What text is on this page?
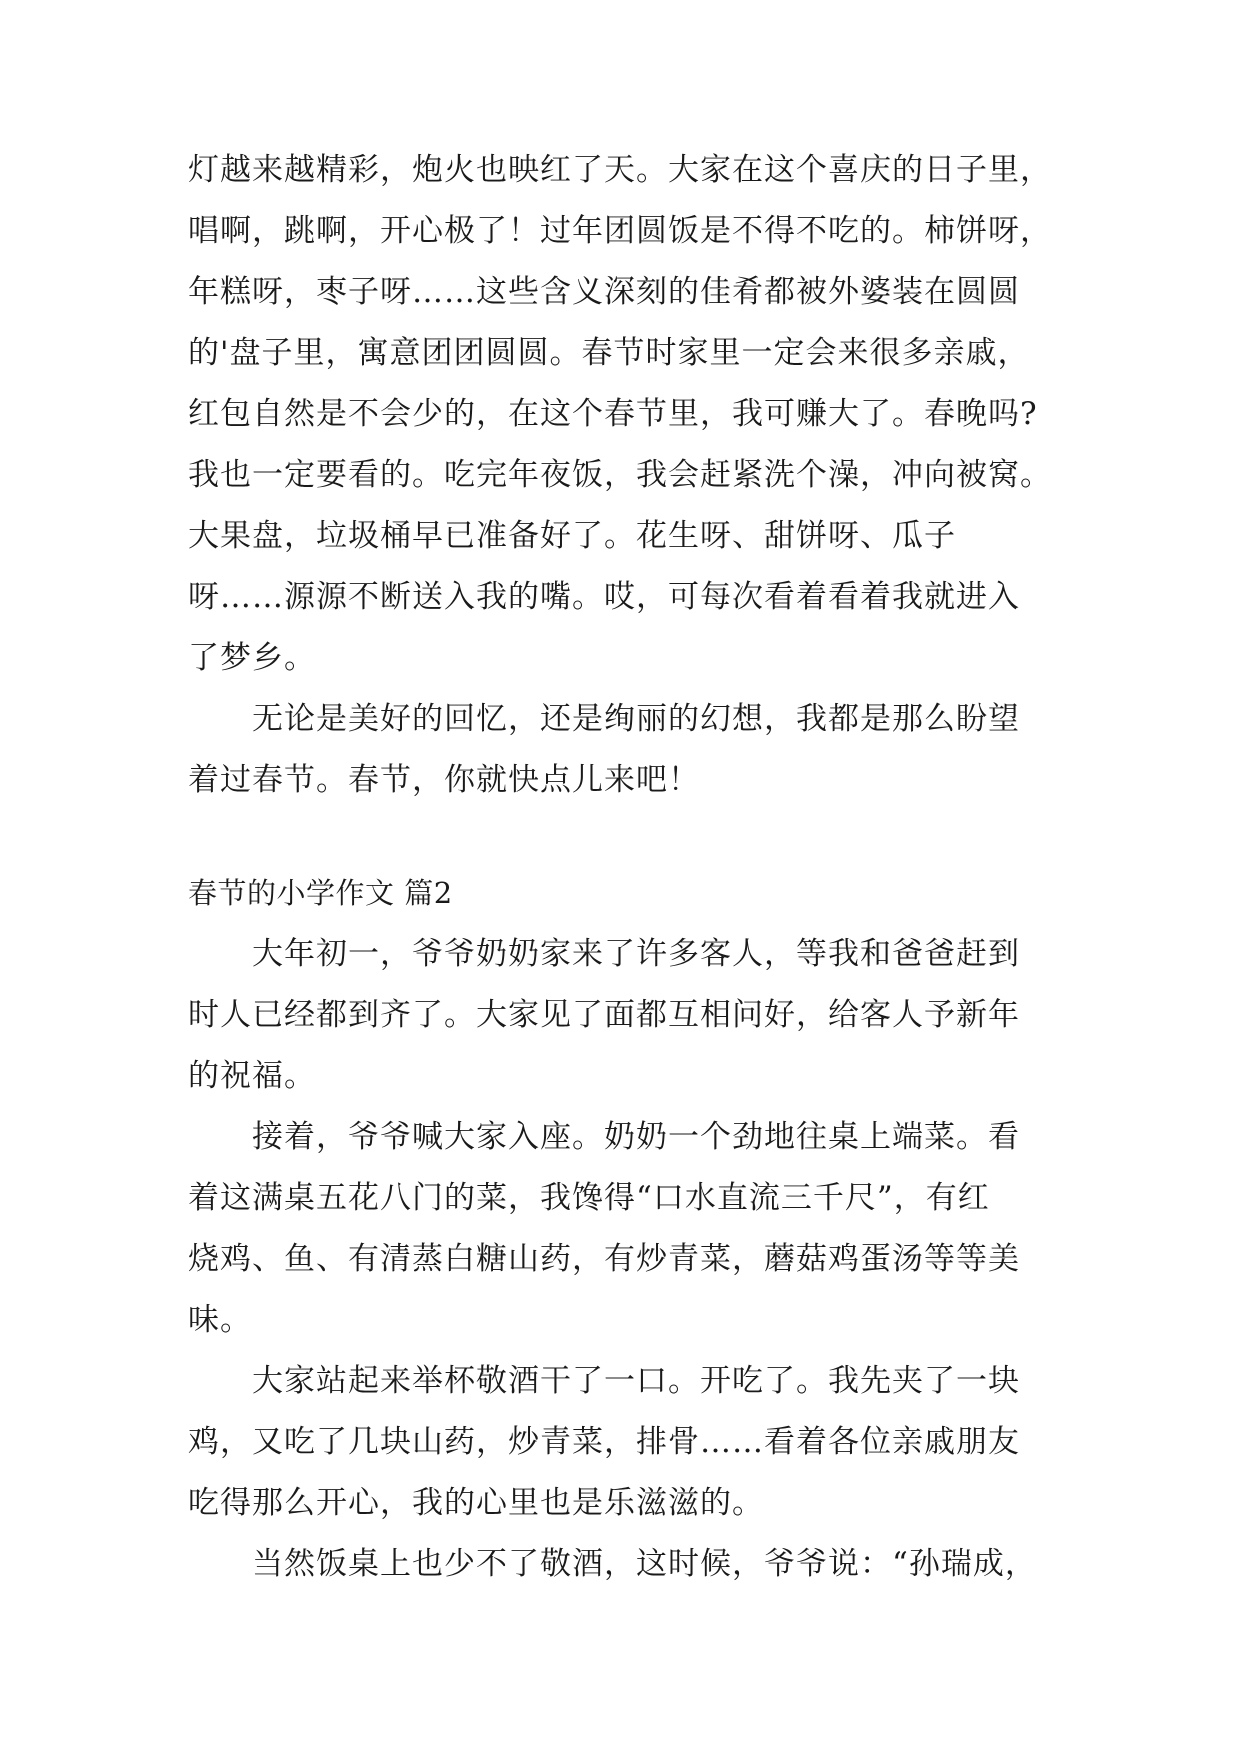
灯越来越精彩，炮火也映红了天。大家在这个喜庆的日子里，
唱啊，跳啊，开心极了！过年团圆饭是不得不吃的。柿饼呀，
年糕呀，枣子呀……这些含义深刻的佳肴都被外婆装在圆圆
的'盘子里，寓意团团圆圆。春节时家里一定会来很多亲戚，
红包自然是不会少的，在这个春节里，我可赚大了。春晚吗?
我也一定要看的。吃完年夜饭，我会赶紧洗个澡，冲向被窝。
大果盘，垃圾桶早已准备好了。花生呀、甜饼呀、瓜子
呀……源源不断送入我的嘴。哎，可每次看着看着我就进入
了梦乡。
无论是美好的回忆，还是绚丽的幻想，我都是那么盼望
着过春节。春节，你就快点儿来吧！
春节的小学作文 篇2
大年初一，爷爷奶奶家来了许多客人，等我和爸爸赶到
时人已经都到齐了。大家见了面都互相问好，给客人予新年
的祝福。
接着，爷爷喊大家入座。奶奶一个劲地往桌上端菜。看
着这满桌五花八门的菜，我馋得“口水直流三千尺”，有红
烧鸡、鱼、有清蒸白糖山药，有炒青菜，蘑菇鸡蛋汤等等美
味。
大家站起来举杯敬酒干了一口。开吃了。我先夹了一块
鸡，又吃了几块山药，炒青菜，排骨……看着各位亲戚朋友
吃得那么开心，我的心里也是乐滋滋的。
当然饭桌上也少不了敬酒，这时候，爷爷说：“孙瑞成，
